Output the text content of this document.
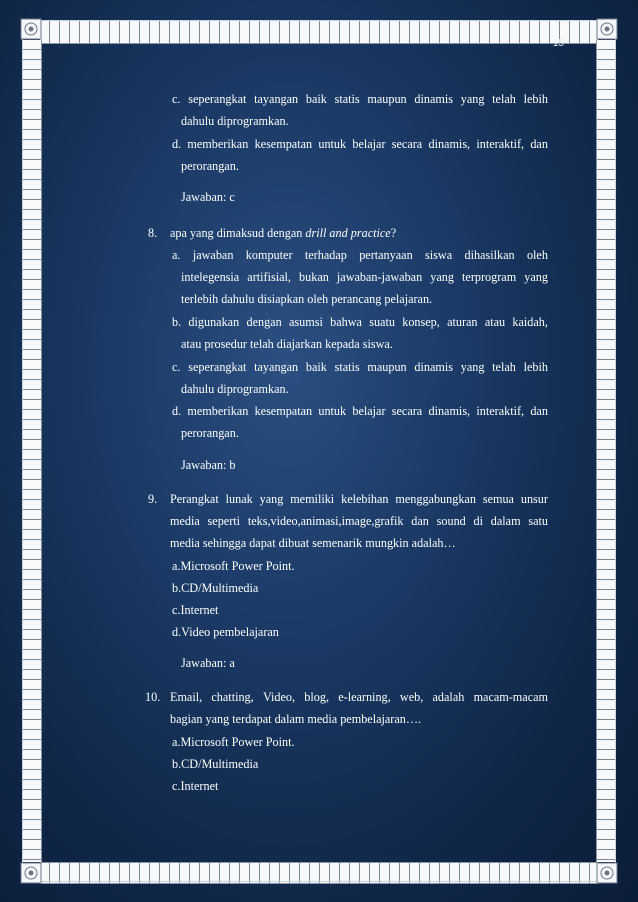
15
c. seperangkat tayangan baik statis maupun dinamis yang telah lebih
dahulu diprogramkan.
d. memberikan kesempatan untuk belajar secara dinamis, interaktif, dan
perorangan.
Jawaban: c
8. apa yang dimaksud dengan drill and practice?
a. jawaban komputer terhadap pertanyaan siswa dihasilkan oleh
intelegensia artifisial, bukan jawaban-jawaban yang terprogram yang
terlebih dahulu disiapkan oleh perancang pelajaran.
b. digunakan dengan asumsi bahwa suatu konsep, aturan atau kaidah,
atau prosedur telah diajarkan kepada siswa.
c. seperangkat tayangan baik statis maupun dinamis yang telah lebih
dahulu diprogramkan.
d. memberikan kesempatan untuk belajar secara dinamis, interaktif, dan
perorangan.
Jawaban: b
9. Perangkat lunak yang memiliki kelebihan menggabungkan semua unsur
media seperti teks,video,animasi,image,grafik dan sound di dalam satu
media sehingga dapat dibuat semenarik mungkin adalah…
a.Microsoft Power Point.
b.CD/Multimedia
c.Internet
d.Video pembelajaran
Jawaban: a
10. Email, chatting, Video, blog, e-learning, web, adalah macam-macam
bagian yang terdapat dalam media pembelajaran….
a.Microsoft Power Point.
b.CD/Multimedia
c.Internet
